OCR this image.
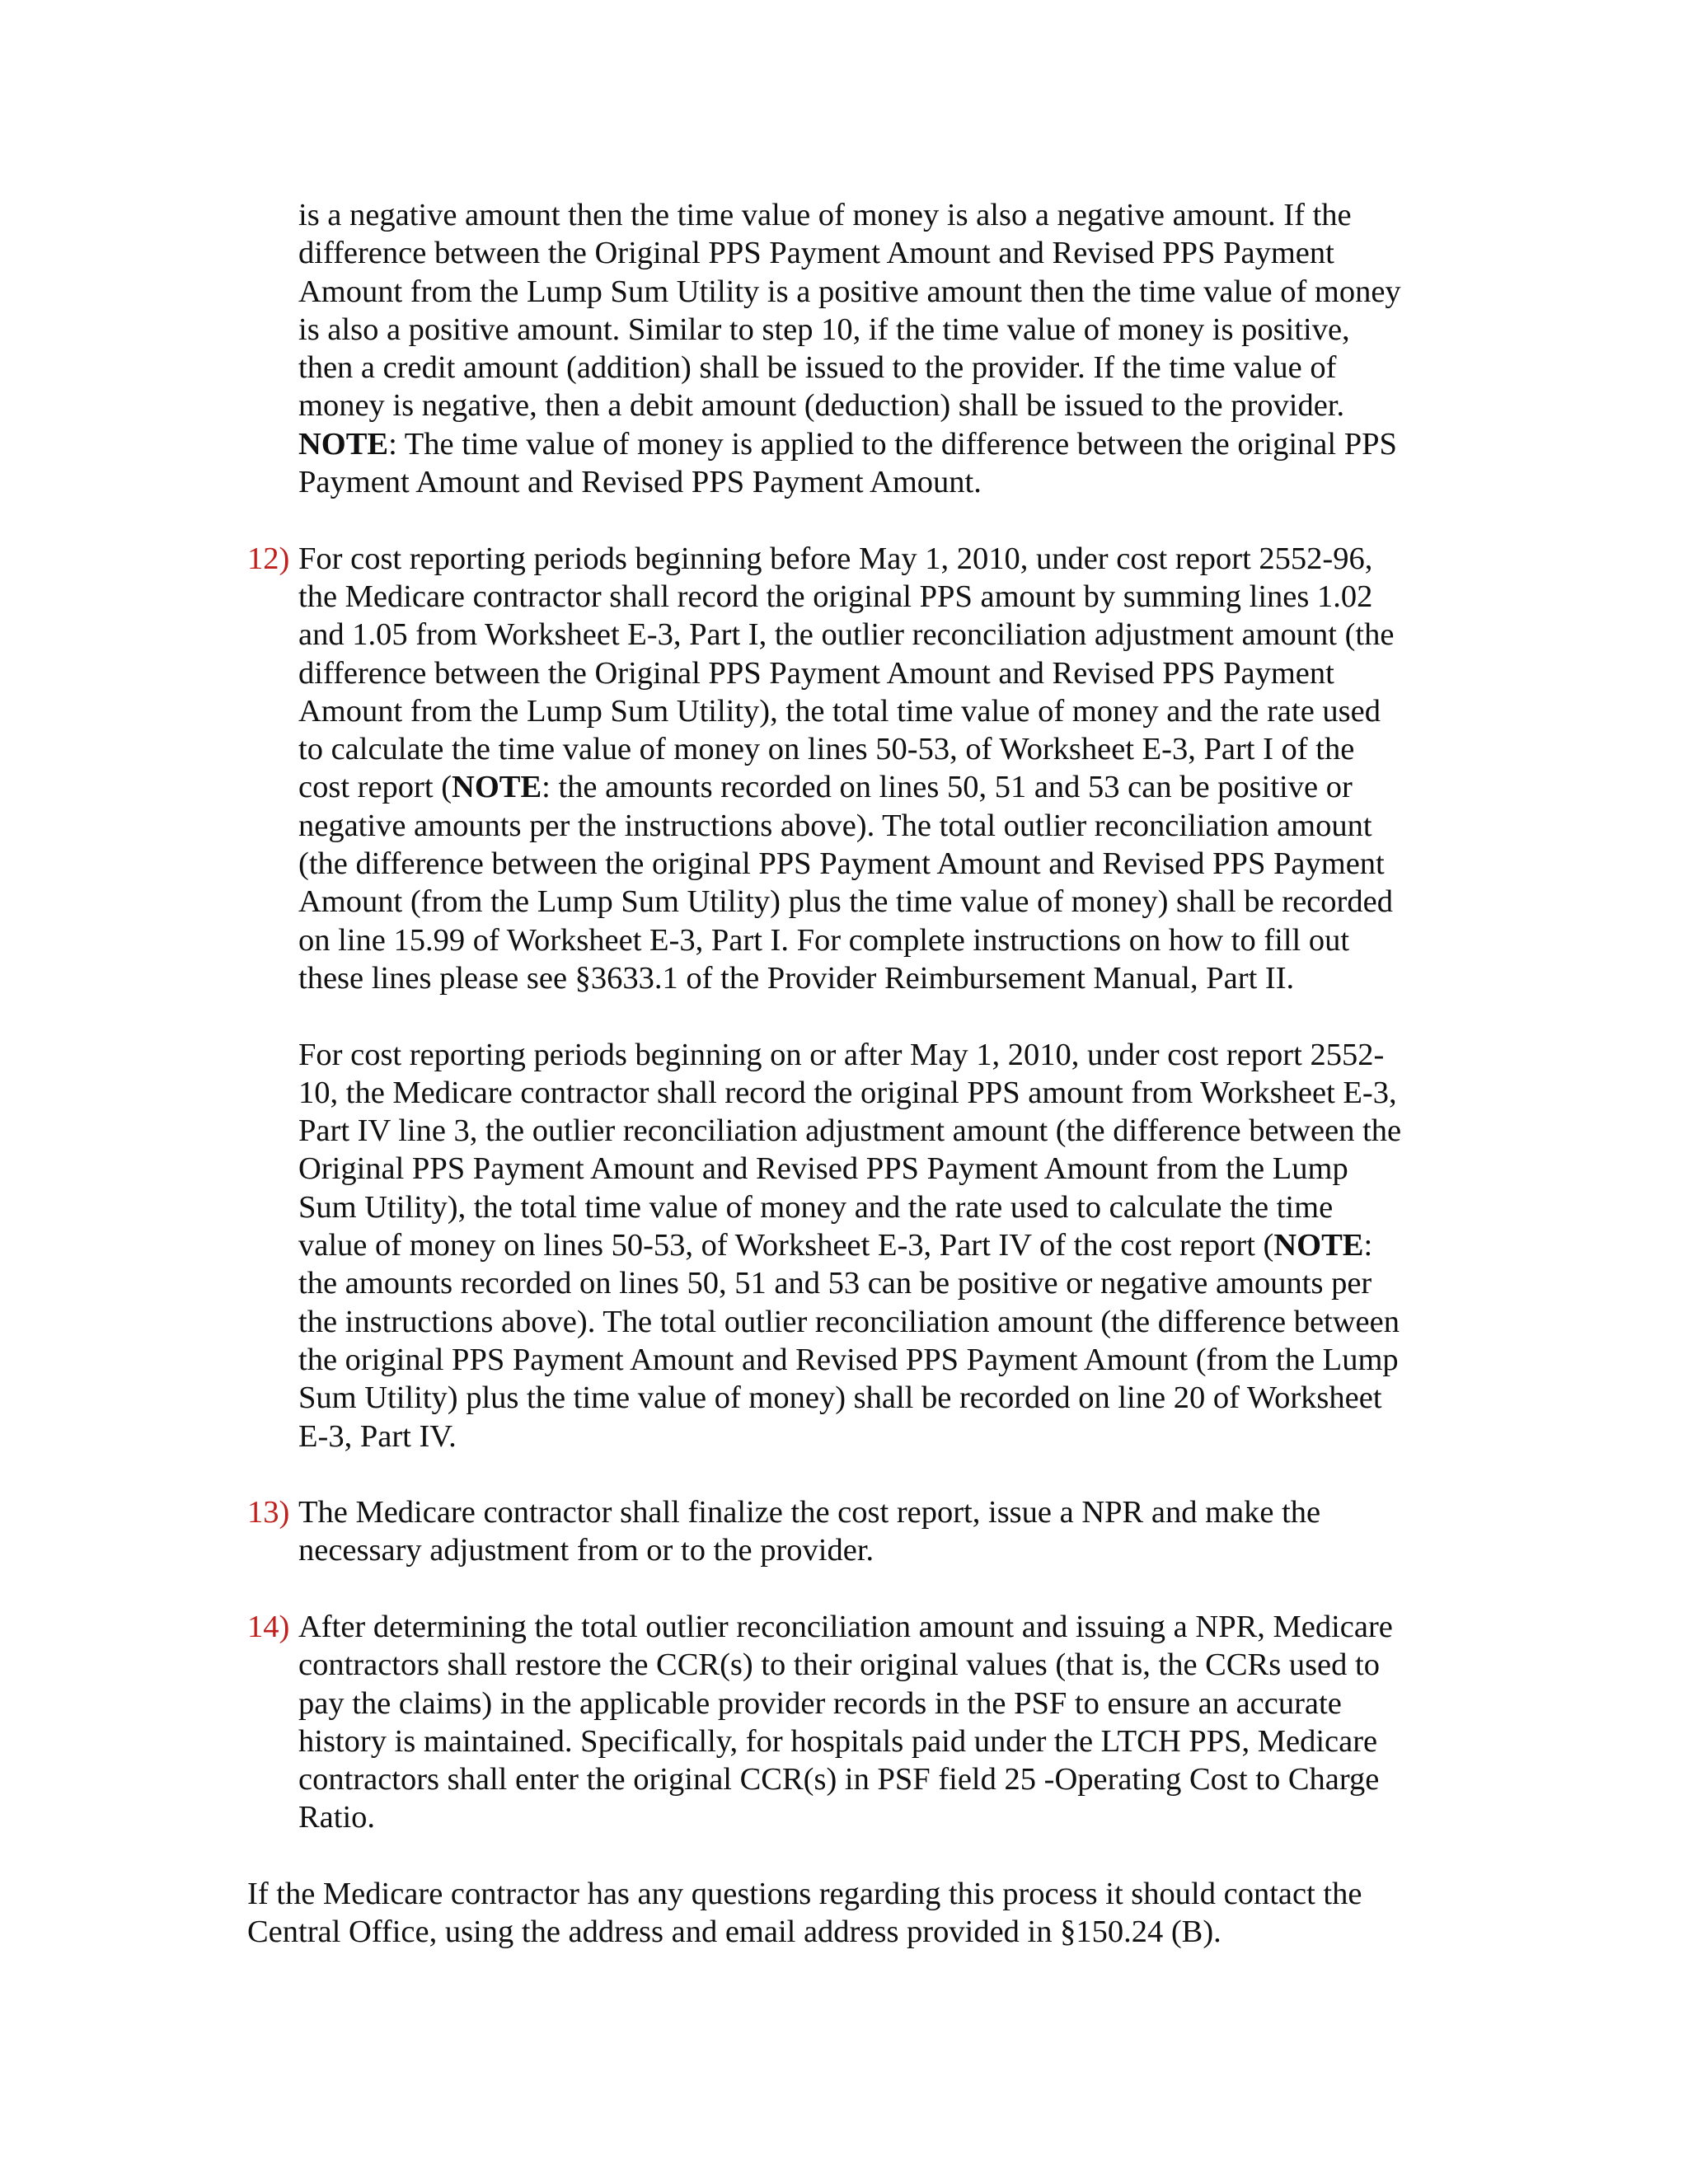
is a negative amount then the time value of money is also a negative amount. If the
difference between the Original PPS Payment Amount and Revised PPS Payment
Amount from the Lump Sum Utility is a positive amount then the time value of money
is also a positive amount. Similar to step 10, if the time value of money is positive,
then a credit amount (addition) shall be issued to the provider. If the time value of
money is negative, then a debit amount (deduction) shall be issued to the provider.
NOTE: The time value of money is applied to the difference between the original PPS
Payment Amount and Revised PPS Payment Amount.
12) For cost reporting periods beginning before May 1, 2010, under cost report 2552-96,
the Medicare contractor shall record the original PPS amount by summing lines 1.02
and 1.05 from Worksheet E-3, Part I, the outlier reconciliation adjustment amount (the
difference between the Original PPS Payment Amount and Revised PPS Payment
Amount from the Lump Sum Utility), the total time value of money and the rate used
to calculate the time value of money on lines 50-53, of Worksheet E-3, Part I of the
cost report (NOTE: the amounts recorded on lines 50, 51 and 53 can be positive or
negative amounts per the instructions above). The total outlier reconciliation amount
(the difference between the original PPS Payment Amount and Revised PPS Payment
Amount (from the Lump Sum Utility) plus the time value of money) shall be recorded
on line 15.99 of Worksheet E-3, Part I. For complete instructions on how to fill out
these lines please see §3633.1 of the Provider Reimbursement Manual, Part II.
For cost reporting periods beginning on or after May 1, 2010, under cost report 2552-
10, the Medicare contractor shall record the original PPS amount from Worksheet E-3,
Part IV line 3, the outlier reconciliation adjustment amount (the difference between the
Original PPS Payment Amount and Revised PPS Payment Amount from the Lump
Sum Utility), the total time value of money and the rate used to calculate the time
value of money on lines 50-53, of Worksheet E-3, Part IV of the cost report (NOTE:
the amounts recorded on lines 50, 51 and 53 can be positive or negative amounts per
the instructions above). The total outlier reconciliation amount (the difference between
the original PPS Payment Amount and Revised PPS Payment Amount (from the Lump
Sum Utility) plus the time value of money) shall be recorded on line 20 of Worksheet
E-3, Part IV.
13) The Medicare contractor shall finalize the cost report, issue a NPR and make the
necessary adjustment from or to the provider.
14) After determining the total outlier reconciliation amount and issuing a NPR, Medicare
contractors shall restore the CCR(s) to their original values (that is, the CCRs used to
pay the claims) in the applicable provider records in the PSF to ensure an accurate
history is maintained. Specifically, for hospitals paid under the LTCH PPS, Medicare
contractors shall enter the original CCR(s) in PSF field 25 -Operating Cost to Charge
Ratio.
If the Medicare contractor has any questions regarding this process it should contact the
Central Office, using the address and email address provided in §150.24 (B).
